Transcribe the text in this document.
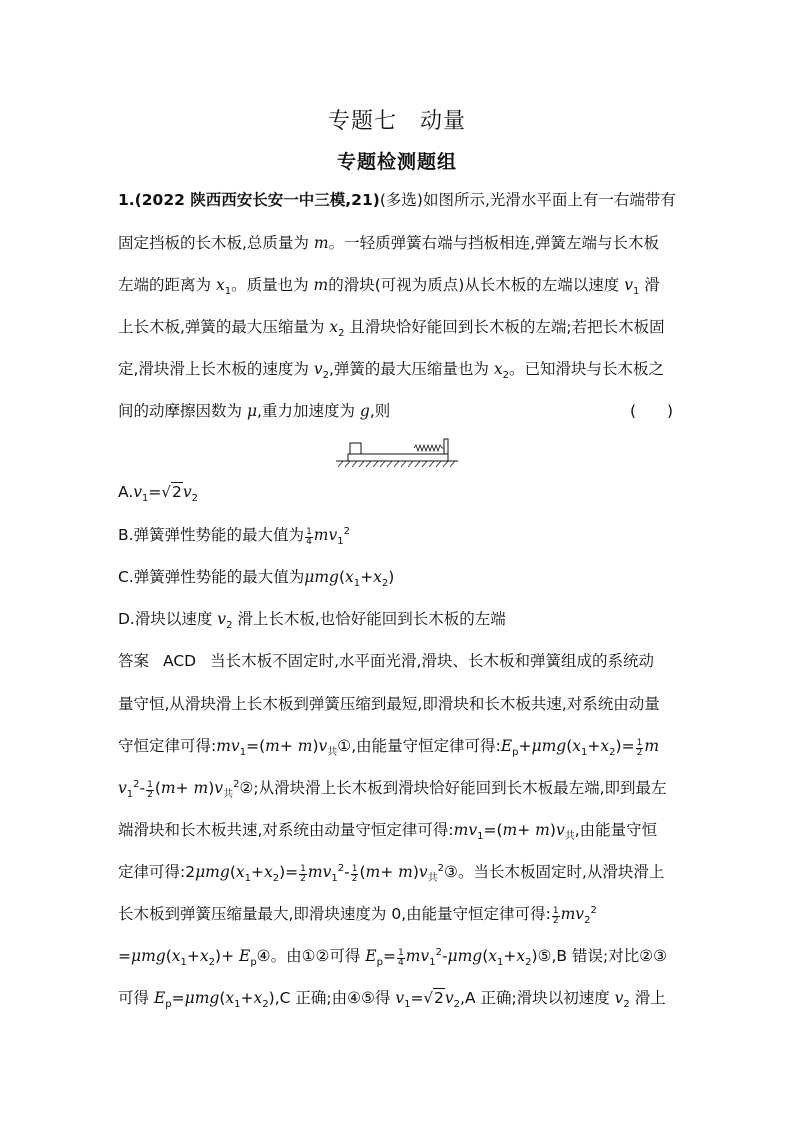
专题七　动量
专题检测题组
1.(2022 陕西西安长安一中三模,21)(多选)如图所示,光滑水平面上有一右端带有
固定挡板的长木板,总质量为 m。一轻质弹簧右端与挡板相连,弹簧左端与长木板
左端的距离为 $x_1$。质量也为 m的滑块(可视为质点)从长木板的左端以速度 $v_1$ 滑
上长木板,弹簧的最大压缩量为 $x_2$ 且滑块恰好能回到长木板的左端;若把长木板固
定,滑块滑上长木板的速度为 $v_2$,弹簧的最大压缩量也为 $x_2$。已知滑块与长木板之
间的动摩擦因数为 μ,重力加速度为 g,则	(　　)
$A.v_1=√2v_2$
B.弹簧弹性势能的最大值为 $\frac{1}{4} mv_1^2$
C.弹簧弹性势能的最大值为$\mu mg(x_1+x_2)$
D.滑块以速度 $v_2$ 滑上长木板,也恰好能回到长木板的左端
答案 ACD 当长木板不固定时,水平面光滑,滑块、长木板和弹簧组成的系统动
量守恒,从滑块滑上长木板到弹簧压缩到最短,即滑块和长木板共速,对系统由动量
守恒定律可得$:mv_1=(m+$ $m)v_共①$,由能量守恒定律可得$:E_p+\mu mg(x_1+x_2)= \frac{1}{2}$ m
$v_1^2- \frac{1}{2} (m+$ $m)v_共^2②$;从滑块滑上长木板到滑块恰好能回到长木板最左端,即到最左
端滑块和长木板共速,对系统由动量守恒定律可得$:mv_1=(m+ m)v_共$,由能量守恒
定律可得$:2\mu mg(x_1+x_2)= \frac{1}{2} mv_1^2- \frac{1}{2} (m+$ $m)v_共^2③$。当长木板固定时,从滑块滑上
长木板到弹簧压缩量最大,即滑块速度为 0,由能量守恒定律可得: $\frac{1}{2} mv_2^2$
$=\mu mg(x_1+x_2)+$ $E_p④$。由①②可得 $E_p= \frac{1}{4}$ $mv_1^2-\mu mg(x_1+x_2)⑤,B$ 错误;对比②③
可得 $E_p=\mu mg(x_1+x_2),C$ 正确;由④⑤得 $v_1=√2v_2,A$ 正确;滑块以初速度 $v_2$ 滑上
